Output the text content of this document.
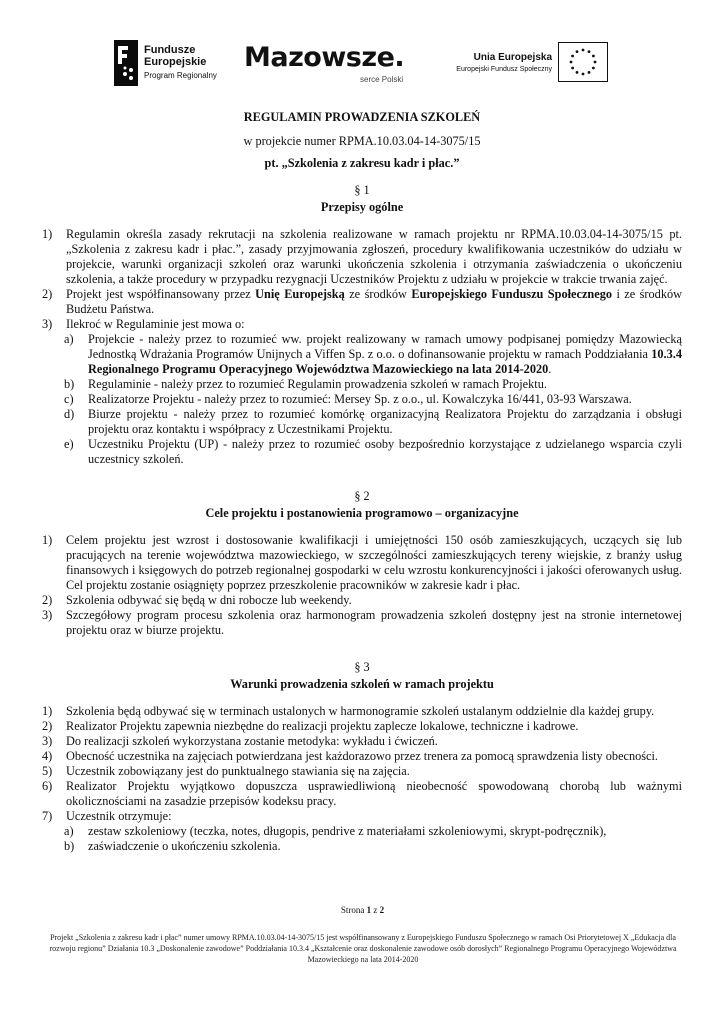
Fundusze
Europejskie
Program Regionalny
Mazowsze.
serce Polski
Unia Europejska
Europejski Fundusz Społeczny
REGULAMIN PROWADZENIA SZKOLEŃ
w projekcie numer RPMA.10.03.04-14-3075/15
pt. „Szkolenia z zakresu kadr i płac.”
§ 1
Przepisy ogólne
1) Regulamin określa zasady rekrutacji na szkolenia realizowane w ramach projektu nr RPMA.10.03.04-14-3075/15 pt. „Szkolenia z zakresu kadr i płac.”, zasady przyjmowania zgłoszeń, procedury kwalifikowania uczestników do udziału w projekcie, warunki organizacji szkoleń oraz warunki ukończenia szkolenia i otrzymania zaświadczenia o ukończeniu szkolenia, a także procedury w przypadku rezygnacji Uczestników Projektu z udziału w projekcie w trakcie trwania zajęć.
2) Projekt jest współfinansowany przez Unię Europejską ze środków Europejskiego Funduszu Społecznego i ze środków Budżetu Państwa.
3) Ilekroć w Regulaminie jest mowa o:
a) Projekcie - należy przez to rozumieć ww. projekt realizowany w ramach umowy podpisanej pomiędzy Mazowiecką Jednostką Wdrażania Programów Unijnych a Viffen Sp. z o.o. o dofinansowanie projektu w ramach Poddziałania 10.3.4 Regionalnego Programu Operacyjnego Województwa Mazowieckiego na lata 2014-2020.
b) Regulaminie - należy przez to rozumieć Regulamin prowadzenia szkoleń w ramach Projektu.
c) Realizatorze Projektu - należy przez to rozumieć: Mersey Sp. z o.o., ul. Kowalczyka 16/441, 03-93 Warszawa.
d) Biurze projektu - należy przez to rozumieć komórkę organizacyjną Realizatora Projektu do zarządzania i obsługi projektu oraz kontaktu i współpracy z Uczestnikami Projektu.
e) Uczestniku Projektu (UP) - należy przez to rozumieć osoby bezpośrednio korzystające z udzielanego wsparcia czyli uczestnicy szkoleń.
§ 2
Cele projektu i postanowienia programowo – organizacyjne
1) Celem projektu jest wzrost i dostosowanie kwalifikacji i umiejętności 150 osób zamieszkujących, uczących się lub pracujących na terenie województwa mazowieckiego, w szczególności zamieszkujących tereny wiejskie, z branży usług finansowych i księgowych do potrzeb regionalnej gospodarki w celu wzrostu konkurencyjności i jakości oferowanych usług. Cel projektu zostanie osiągnięty poprzez przeszkolenie pracowników w zakresie kadr i płac.
2) Szkolenia odbywać się będą w dni robocze lub weekendy.
3) Szczegółowy program procesu szkolenia oraz harmonogram prowadzenia szkoleń dostępny jest na stronie internetowej projektu oraz w biurze projektu.
§ 3
Warunki prowadzenia szkoleń w ramach projektu
1) Szkolenia będą odbywać się w terminach ustalonych w harmonogramie szkoleń ustalanym oddzielnie dla każdej grupy.
2) Realizator Projektu zapewnia niezbędne do realizacji projektu zaplecze lokalowe, techniczne i kadrowe.
3) Do realizacji szkoleń wykorzystana zostanie metodyka: wykładu i ćwiczeń.
4) Obecność uczestnika na zajęciach potwierdzana jest każdorazowo przez trenera za pomocą sprawdzenia listy obecności.
5) Uczestnik zobowiązany jest do punktualnego stawiania się na zajęcia.
6) Realizator Projektu wyjątkowo dopuszcza usprawiedliwioną nieobecność spowodowaną chorobą lub ważnymi okolicznościami na zasadzie przepisów kodeksu pracy.
7) Uczestnik otrzymuje:
a) zestaw szkoleniowy (teczka, notes, długopis, pendrive z materiałami szkoleniowymi, skrypt-podręcznik),
b) zaświadczenie o ukończeniu szkolenia.
Strona 1 z 2
Projekt „Szkolenia z zakresu kadr i płac” numer umowy RPMA.10.03.04-14-3075/15 jest współfinansowany z Europejskiego Funduszu Społecznego w ramach Osi Priorytetowej X „Edukacja dla rozwoju regionu” Działania 10.3 „Doskonalenie zawodowe” Poddziałania 10.3.4 „Kształcenie oraz doskonalenie zawodowe osób dorosłych” Regionalnego Programu Operacyjnego Województwa Mazowieckiego na lata 2014-2020
